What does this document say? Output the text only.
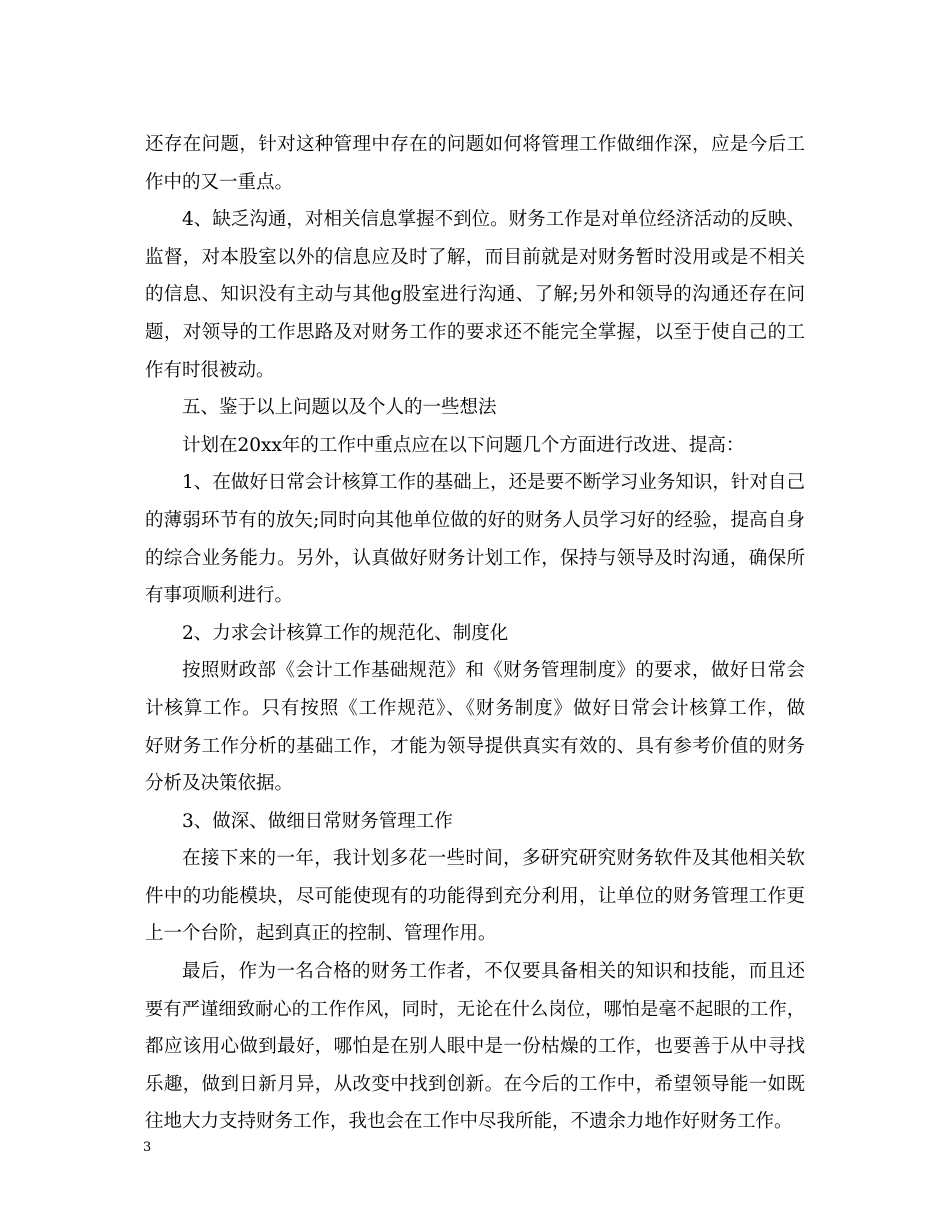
还存在问题，针对这种管理中存在的问题如何将管理工作做细作深，应是今后工
作中的又一重点。
4、缺乏沟通，对相关信息掌握不到位。财务工作是对单位经济活动的反映、
监督，对本股室以外的信息应及时了解，而目前就是对财务暂时没用或是不相关
的信息、知识没有主动与其他g股室进行沟通、了解;另外和领导的沟通还存在问
题，对领导的工作思路及对财务工作的要求还不能完全掌握，以至于使自己的工
作有时很被动。
五、鉴于以上问题以及个人的一些想法
计划在20xx年的工作中重点应在以下问题几个方面进行改进、提高：
1、在做好日常会计核算工作的基础上，还是要不断学习业务知识，针对自己
的薄弱环节有的放矢;同时向其他单位做的好的财务人员学习好的经验，提高自身
的综合业务能力。另外，认真做好财务计划工作，保持与领导及时沟通，确保所
有事项顺利进行。
2、力求会计核算工作的规范化、制度化
按照财政部《会计工作基础规范》和《财务管理制度》的要求，做好日常会
计核算工作。只有按照《工作规范》、《财务制度》做好日常会计核算工作，做
好财务工作分析的基础工作，才能为领导提供真实有效的、具有参考价值的财务
分析及决策依据。
3、做深、做细日常财务管理工作
在接下来的一年，我计划多花一些时间，多研究研究财务软件及其他相关软
件中的功能模块，尽可能使现有的功能得到充分利用，让单位的财务管理工作更
上一个台阶，起到真正的控制、管理作用。
最后，作为一名合格的财务工作者，不仅要具备相关的知识和技能，而且还
要有严谨细致耐心的工作作风，同时，无论在什么岗位，哪怕是毫不起眼的工作，
都应该用心做到最好，哪怕是在别人眼中是一份枯燥的工作，也要善于从中寻找
乐趣，做到日新月异，从改变中找到创新。在今后的工作中，希望领导能一如既
往地大力支持财务工作，我也会在工作中尽我所能，不遗余力地作好财务工作。
3
